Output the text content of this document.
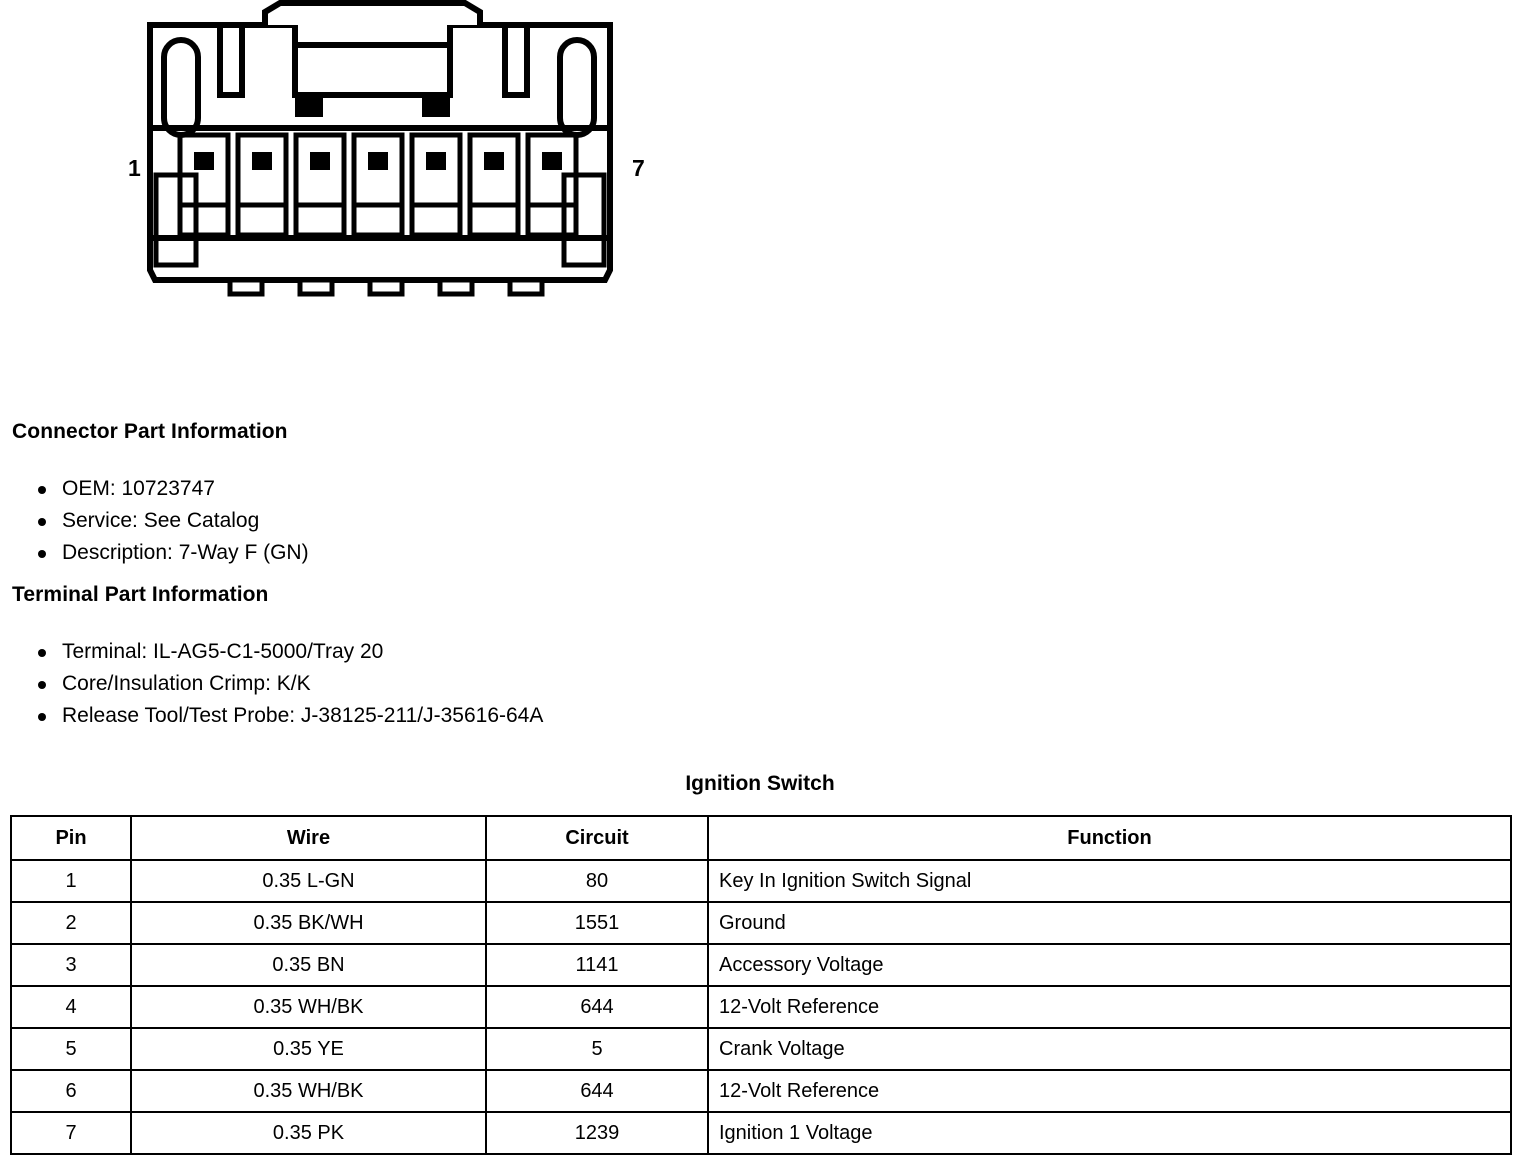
1	7
Connector Part Information
OEM: 10723747
Service: See Catalog
Description: 7-Way F (GN)
Terminal Part Information
Terminal: IL-AG5-C1-5000/Tray 20
Core/Insulation Crimp: K/K
Release Tool/Test Probe: J-38125-211/J-35616-64A
Ignition Switch
Pin	Wire	Circuit	Function
1	0.35 L-GN	80	Key In Ignition Switch Signal
2	0.35 BK/WH	1551	Ground
3	0.35 BN	1141	Accessory Voltage
4	0.35 WH/BK	644	12-Volt Reference
5	0.35 YE	5	Crank Voltage
6	0.35 WH/BK	644	12-Volt Reference
7	0.35 PK	1239	Ignition 1 Voltage
